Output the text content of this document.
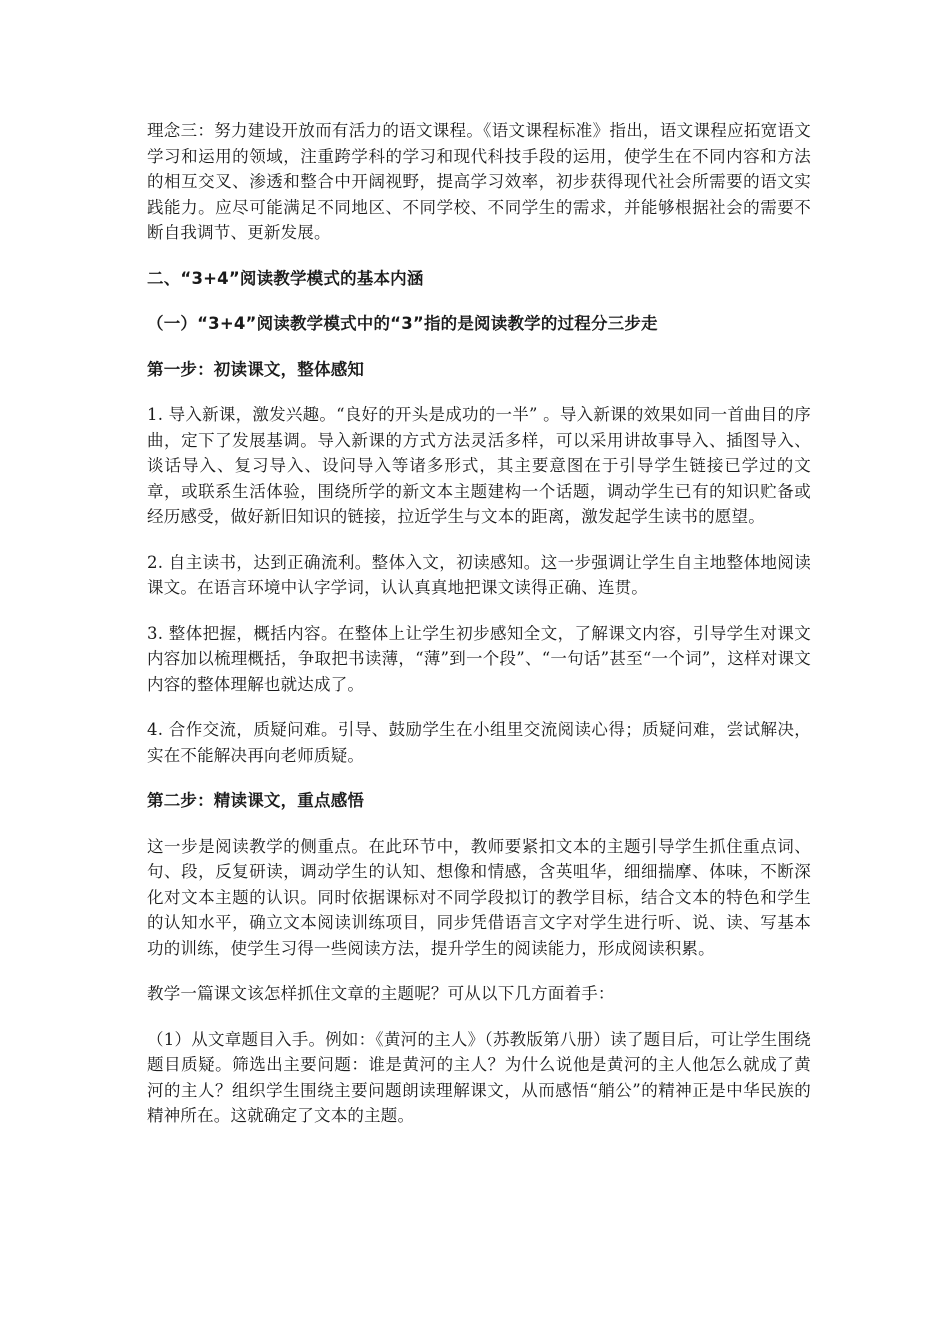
理念三：努力建设开放而有活力的语文课程。《语文课程标准》指出，语文课程应拓宽语文学习和运用的领域，注重跨学科的学习和现代科技手段的运用，使学生在不同内容和方法的相互交叉、渗透和整合中开阔视野，提高学习效率，初步获得现代社会所需要的语文实践能力。应尽可能满足不同地区、不同学校、不同学生的需求，并能够根据社会的需要不断自我调节、更新发展。

二、“3+4”阅读教学模式的基本内涵

（一）“3+4”阅读教学模式中的“3”指的是阅读教学的过程分三步走

第一步：初读课文，整体感知

1. 导入新课，激发兴趣。“良好的开头是成功的一半” 。导入新课的效果如同一首曲目的序曲，定下了发展基调。导入新课的方式方法灵活多样，可以采用讲故事导入、插图导入、谈话导入、复习导入、设问导入等诸多形式，其主要意图在于引导学生链接已学过的文章，或联系生活体验，围绕所学的新文本主题建构一个话题，调动学生已有的知识贮备或经历感受，做好新旧知识的链接，拉近学生与文本的距离，激发起学生读书的愿望。

2. 自主读书，达到正确流利。整体入文，初读感知。这一步强调让学生自主地整体地阅读课文。在语言环境中认字学词，认认真真地把课文读得正确、连贯。

3. 整体把握，概括内容。在整体上让学生初步感知全文，了解课文内容，引导学生对课文内容加以梳理概括，争取把书读薄，“薄”到一个段”、“一句话”甚至“一个词”，这样对课文内容的整体理解也就达成了。

4. 合作交流，质疑问难。引导、鼓励学生在小组里交流阅读心得；质疑问难，尝试解决，实在不能解决再向老师质疑。

第二步：精读课文，重点感悟

这一步是阅读教学的侧重点。在此环节中，教师要紧扣文本的主题引导学生抓住重点词、句、段，反复研读，调动学生的认知、想像和情感，含英咀华，细细揣摩、体味，不断深化对文本主题的认识。同时依据课标对不同学段拟订的教学目标，结合文本的特色和学生的认知水平，确立文本阅读训练项目，同步凭借语言文字对学生进行听、说、读、写基本功的训练，使学生习得一些阅读方法，提升学生的阅读能力，形成阅读积累。

教学一篇课文该怎样抓住文章的主题呢？可从以下几方面着手：

（1）从文章题目入手。例如：《黄河的主人》（苏教版第八册）读了题目后，可让学生围绕题目质疑。筛选出主要问题：谁是黄河的主人？为什么说他是黄河的主人他怎么就成了黄河的主人？组织学生围绕主要问题朗读理解课文，从而感悟“艄公”的精神正是中华民族的精神所在。这就确定了文本的主题。
